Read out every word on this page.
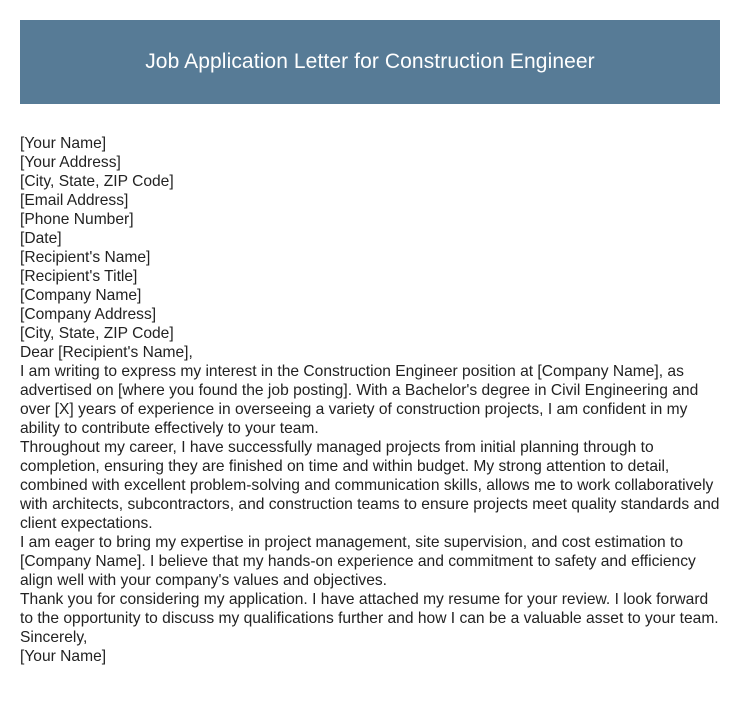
Job Application Letter for Construction Engineer
[Your Name]
[Your Address]
[City, State, ZIP Code]
[Email Address]
[Phone Number]
[Date]
[Recipient's Name]
[Recipient's Title]
[Company Name]
[Company Address]
[City, State, ZIP Code]
Dear [Recipient's Name],
I am writing to express my interest in the Construction Engineer position at [Company Name], as advertised on [where you found the job posting]. With a Bachelor's degree in Civil Engineering and over [X] years of experience in overseeing a variety of construction projects, I am confident in my ability to contribute effectively to your team.
Throughout my career, I have successfully managed projects from initial planning through to completion, ensuring they are finished on time and within budget. My strong attention to detail, combined with excellent problem-solving and communication skills, allows me to work collaboratively with architects, subcontractors, and construction teams to ensure projects meet quality standards and client expectations.
I am eager to bring my expertise in project management, site supervision, and cost estimation to [Company Name]. I believe that my hands-on experience and commitment to safety and efficiency align well with your company's values and objectives.
Thank you for considering my application. I have attached my resume for your review. I look forward to the opportunity to discuss my qualifications further and how I can be a valuable asset to your team.
Sincerely,
[Your Name]
